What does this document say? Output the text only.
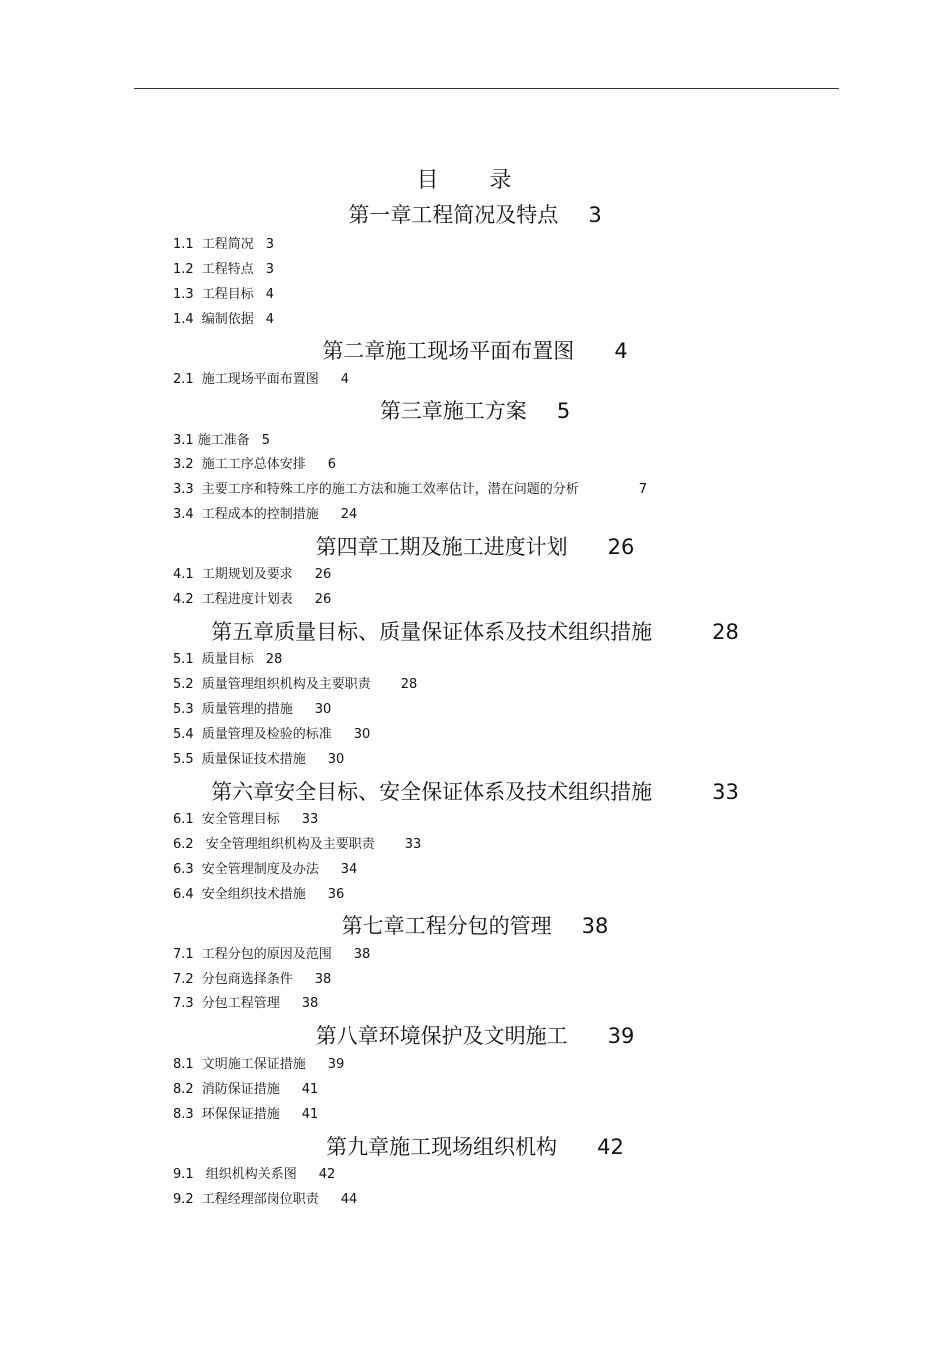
目 录
第一章工程简况及特点 3
1.1 工程简况 3
1.2 工程特点 3
1.3 工程目标 4
1.4 编制依据 4
第二章施工现场平面布置图 4
2.1 施工现场平面布置图 4
第三章施工方案 5
3.1 施工准备 5
3.2 施工工序总体安排 6
3.3 主要工序和特殊工序的施工方法和施工效率估计，潜在问题的分析	7
3.4 工程成本的控制措施 24
第四章工期及施工进度计划 26
4.1 工期规划及要求 26
4.2 工程进度计划表 26
第五章质量目标、质量保证体系及技术组织措施	28
5.1 质量目标 28
5.2 质量管理组织机构及主要职责 28
5.3 质量管理的措施 30
5.4 质量管理及检验的标准 30
5.5 质量保证技术措施 30
第六章安全目标、安全保证体系及技术组织措施	33
6.1 安全管理目标 33
6.2 安全管理组织机构及主要职责 33
6.3 安全管理制度及办法 34
6.4 安全组织技术措施 36
第七章工程分包的管理 38
7.1 工程分包的原因及范围 38
7.2 分包商选择条件 38
7.3 分包工程管理 38
第八章环境保护及文明施工 39
8.1 文明施工保证措施 39
8.2 消防保证措施 41
8.3 环保保证措施 41
第九章施工现场组织机构 42
9.1 组织机构关系图 42
9.2 工程经理部岗位职责 44
